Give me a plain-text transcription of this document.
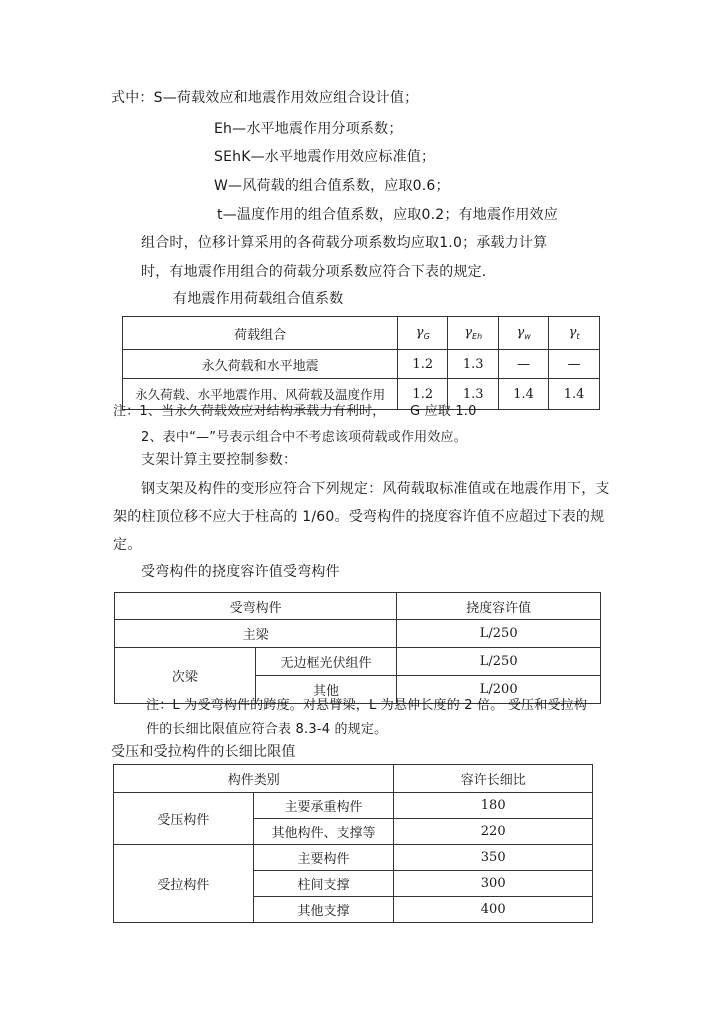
式中：S—荷载效应和地震作用效应组合设计值；
Eh—水平地震作用分项系数；
SEhK—水平地震作用效应标准值；
W—风荷载的组合值系数，应取0.6；
t—温度作用的组合值系数，应取0.2；有地震作用效应
组合时，位移计算采用的各荷载分项系数均应取1.0；承载力计算
时，有地震作用组合的荷载分项系数应符合下表的规定.
有地震作用荷载组合值系数
荷载组合	$\gamma_G$	$\gamma_{Eh}$	$\gamma_w$	$\gamma_t$
永久荷载和水平地震	1.2	1.3	—	—
永久荷载、水平地震作用、风荷载及温度作用	1.2	1.3	1.4	1.4
注：1、当永久荷载效应对结构承载力有利时， G 应取 1.0
2、表中“—”号表示组合中不考虑该项荷载或作用效应。
支架计算主要控制参数：
钢支架及构件的变形应符合下列规定：风荷载取标准值或在地震作用下，支
架的柱顶位移不应大于柱高的 1/60。受弯构件的挠度容许值不应超过下表的规
定。
受弯构件的挠度容许值受弯构件
受弯构件		挠度容许值
主梁		L/250
次梁	无边框光伏组件	L/250
	其他	L/200
注：L 为受弯构件的跨度。对悬臂梁，L 为悬伸长度的 2 倍。 受压和受拉构
件的长细比限值应符合表 8.3-4 的规定。
受压和受拉构件的长细比限值
构件类别		容许长细比
受压构件	主要承重构件	180
	其他构件、支撑等	220
受拉构件	主要构件	350
	柱间支撑	300
	其他支撑	400
